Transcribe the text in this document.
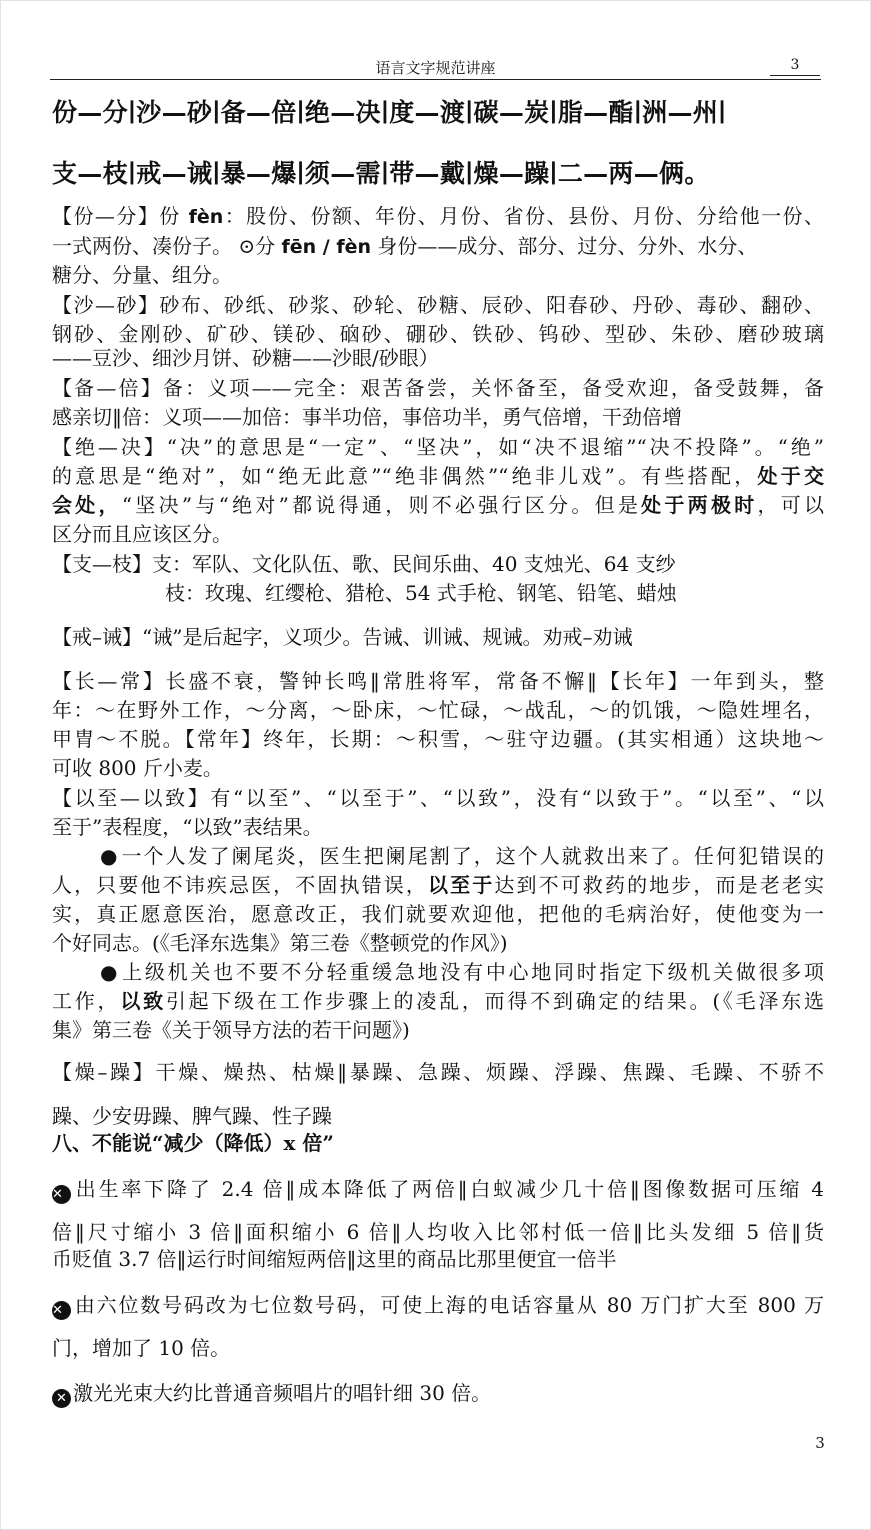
语言文字规范讲座	3
份—分∣沙—砂∣备—倍∣绝—决∣度—渡∣碳—炭∣脂—酯∣洲—州∣
支—枝∣戒—诫∣暴—爆∣须—需∣带—戴∣燥—躁∣二—两—俩。
【份—分】份 fèn：股份、份额、年份、月份、省份、县份、月份、分给他一份、
一式两份、凑份子。 ⊙分 fēn / fèn 身份——成分、部分、过分、分外、水分、
糖分、分量、组分。
【沙—砂】砂布、砂纸、砂浆、砂轮、砂糖、辰砂、阳春砂、丹砂、毒砂、翻砂、
钢砂、金刚砂、矿砂、镁砂、硇砂、硼砂、铁砂、钨砂、型砂、朱砂、磨砂玻璃
——豆沙、细沙月饼、砂糖——沙眼/砂眼）
【备—倍】备：义项——完全：艰苦备尝，关怀备至，备受欢迎，备受鼓舞，备
感亲切‖倍：义项——加倍：事半功倍，事倍功半，勇气倍增，干劲倍增
【绝—决】“决”的意思是“一定”、“坚决”，如“决不退缩”“决不投降”。“绝”
的意思是“绝对”，如“绝无此意”“绝非偶然”“绝非儿戏”。有些搭配，处于交
会处，“坚决”与“绝对”都说得通，则不必强行区分。但是处于两极时，可以
区分而且应该区分。
【支—枝】支：军队、文化队伍、歌、民间乐曲、40 支烛光、64 支纱
枝：玫瑰、红缨枪、猎枪、54 式手枪、钢笔、铅笔、蜡烛
【戒–诫】“诫”是后起字，义项少。告诫、训诫、规诫。劝戒–劝诫
【长—常】长盛不衰，警钟长鸣‖常胜将军，常备不懈‖【长年】一年到头，整
年：～在野外工作，～分离，～卧床，～忙碌，～战乱，～的饥饿，～隐姓埋名，
甲胄～不脱。【常年】终年，长期：～积雪，～驻守边疆。(其实相通）这块地～
可收 800 斤小麦。
【以至—以致】有“以至”、“以至于”、“以致”，没有“以致于”。“以至”、“以
至于”表程度，“以致”表结果。
● 一个人发了阑尾炎，医生把阑尾割了，这个人就救出来了。任何犯错误的
人，只要他不讳疾忌医，不固执错误，以至于达到不可救药的地步，而是老老实
实，真正愿意医治，愿意改正，我们就要欢迎他，把他的毛病治好，使他变为一
个好同志。(《毛泽东选集》第三卷《整顿党的作风》)
● 上级机关也不要不分轻重缓急地没有中心地同时指定下级机关做很多项
工作，以致引起下级在工作步骤上的凌乱，而得不到确定的结果。(《毛泽东选
集》第三卷《关于领导方法的若干问题》)
【燥–躁】干燥、燥热、枯燥‖暴躁、急躁、烦躁、浮躁、焦躁、毛躁、不骄不
躁、少安毋躁、脾气躁、性子躁
八、不能说“减少（降低）x 倍”
✕ 出生率下降了 2.4 倍‖成本降低了两倍‖白蚁减少几十倍‖图像数据可压缩 4
倍‖尺寸缩小 3 倍‖面积缩小 6 倍‖人均收入比邻村低一倍‖比头发细 5 倍‖货
币贬值 3.7 倍‖运行时间缩短两倍‖这里的商品比那里便宜一倍半
✕ 由六位数号码改为七位数号码，可使上海的电话容量从 80 万门扩大至 800 万
门，增加了 10 倍。
✕ 激光光束大约比普通音频唱片的唱针细 30 倍。
3
